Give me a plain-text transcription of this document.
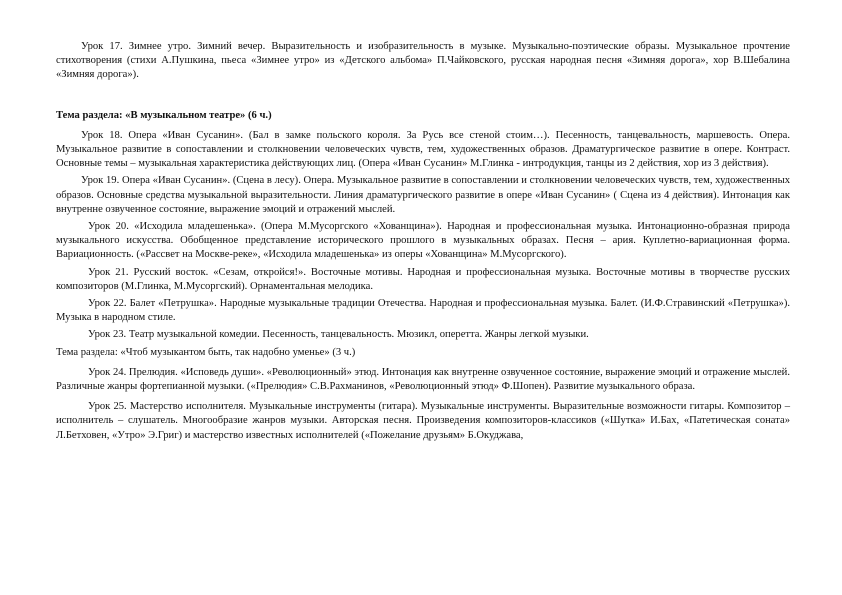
Урок 17. Зимнее утро. Зимний вечер. Выразительность и изобразительность в музыке. Музыкально-поэтические образы. Музыкальное прочтение стихотворения (стихи А.Пушкина, пьеса «Зимнее утро» из «Детского альбома» П.Чайковского, русская народная песня «Зимняя дорога», хор В.Шебалина «Зимняя дорога»).

Тема раздела: «В музыкальном театре» (6 ч.)

Урок 18. Опера «Иван Сусанин». (Бал в замке польского короля. За Русь все стеной стоим…). Песенность, танцевальность, маршевость. Опера. Музыкальное развитие в сопоставлении и столкновении человеческих чувств, тем, художественных образов. Драматургическое развитие в опере. Контраст. Основные темы – музыкальная характеристика действующих лиц. (Опера «Иван Сусанин» М.Глинка - интродукция, танцы из 2 действия, хор из 3 действия).

Урок 19. Опера «Иван Сусанин». (Сцена в лесу). Опера. Музыкальное развитие в сопоставлении и столкновении человеческих чувств, тем, художественных образов. Основные средства музыкальной выразительности. Линия драматургического развитие в опере «Иван Сусанин» ( Сцена из 4 действия). Интонация как внутренне озвученное состояние, выражение эмоций и отражений мыслей.

Урок 20. «Исходила младешенька». (Опера М.Мусоргского «Хованщина»). Народная и профессиональная музыка. Интонационно-образная природа музыкального искусства. Обобщенное представление исторического прошлого в музыкальных образах. Песня – ария. Куплетно-вариационная форма. Вариационность. («Рассвет на Москве-реке», «Исходила младешенька» из оперы «Хованщина» М.Мусоргского).

Урок 21. Русский восток. «Сезам, откройся!». Восточные мотивы. Народная и профессиональная музыка. Восточные мотивы в творчестве русских композиторов (М.Глинка, М.Мусоргский). Орнаментальная мелодика.

Урок 22. Балет «Петрушка». Народные музыкальные традиции Отечества. Народная и профессиональная музыка. Балет. (И.Ф.Стравинский «Петрушка»). Музыка в народном стиле.

Урок 23. Театр музыкальной комедии. Песенность, танцевальность. Мюзикл, оперетта. Жанры легкой музыки.

Тема раздела: «Чтоб музыкантом быть, так надобно уменье» (3 ч.)

Урок 24. Прелюдия. «Исповедь души». «Революционный» этюд. Интонация как внутренне озвученное состояние, выражение эмоций и отражение мыслей. Различные жанры фортепианной музыки. («Прелюдия» С.В.Рахманинов, «Революционный этюд» Ф.Шопен). Развитие музыкального образа.

Урок 25. Мастерство исполнителя. Музыкальные инструменты (гитара). Музыкальные инструменты. Выразительные возможности гитары. Композитор – исполнитель – слушатель. Многообразие жанров музыки. Авторская песня. Произведения композиторов-классиков («Шутка» И.Бах, «Патетическая соната» Л.Бетховен, «Утро» Э.Григ) и мастерство известных исполнителей («Пожелание друзьям» Б.Окуджава,
